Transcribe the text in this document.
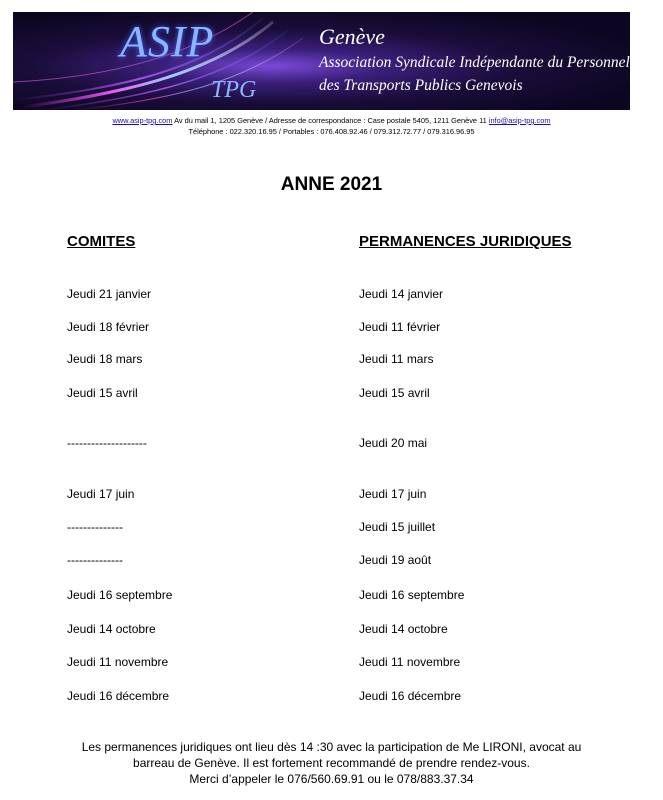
ASIP
TPG
Genève
Association Syndicale Indépendante du Personnel
des Transports Publics Genevois
www.asip-tpg.com Av du mail 1, 1205 Genève / Adresse de correspondance : Case postale 5405, 1211 Genève 11 info@asip-tpg.com
Téléphone : 022.320.16.95 / Portables : 076.408.92.46 / 079.312.72.77 / 079.316.96.95
ANNE 2021
COMITES	PERMANENCES JURIDIQUES
Jeudi 21 janvier	Jeudi 14 janvier
Jeudi 18 février	Jeudi 11 février
Jeudi 18 mars	Jeudi 11 mars
Jeudi 15 avril	Jeudi 15 avril
--------------------	Jeudi 20 mai
Jeudi 17 juin	Jeudi 17 juin
--------------	Jeudi 15 juillet
--------------	Jeudi 19 août
Jeudi 16 septembre	Jeudi 16 septembre
Jeudi 14 octobre	Jeudi 14 octobre
Jeudi 11 novembre	Jeudi 11 novembre
Jeudi 16 décembre	Jeudi 16 décembre
Les permanences juridiques ont lieu dès 14 :30 avec la participation de Me LIRONI, avocat au
barreau de Genève. Il est fortement recommandé de prendre rendez-vous.
Merci d’appeler le 076/560.69.91 ou le 078/883.37.34
